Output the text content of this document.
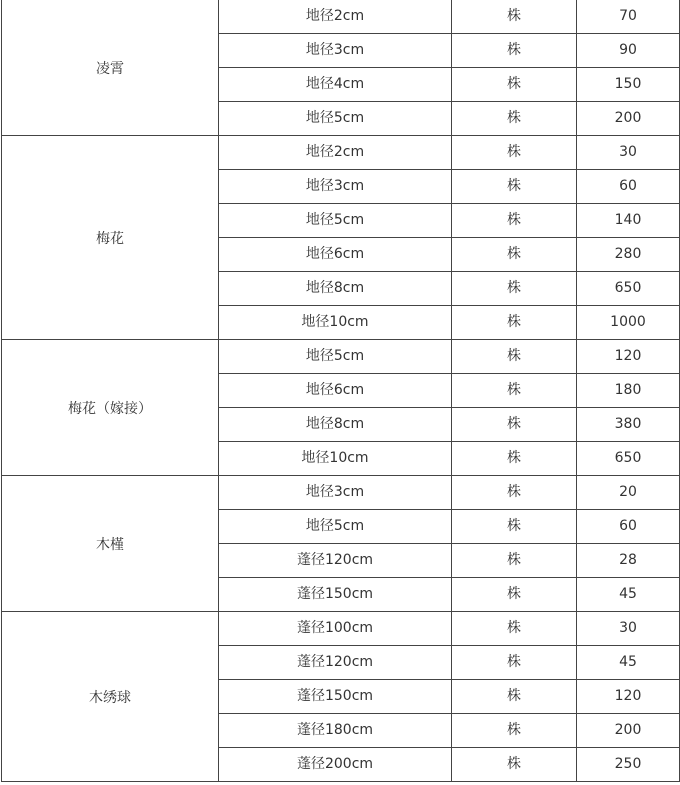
凌霄	地径2cm	株	70
	地径3cm	株	90
	地径4cm	株	150
	地径5cm	株	200
梅花	地径2cm	株	30
	地径3cm	株	60
	地径5cm	株	140
	地径6cm	株	280
	地径8cm	株	650
	地径10cm	株	1000
梅花（嫁接）	地径5cm	株	120
	地径6cm	株	180
	地径8cm	株	380
	地径10cm	株	650
木槿	地径3cm	株	20
	地径5cm	株	60
	蓬径120cm	株	28
	蓬径150cm	株	45
木绣球	蓬径100cm	株	30
	蓬径120cm	株	45
	蓬径150cm	株	120
	蓬径180cm	株	200
	蓬径200cm	株	250
